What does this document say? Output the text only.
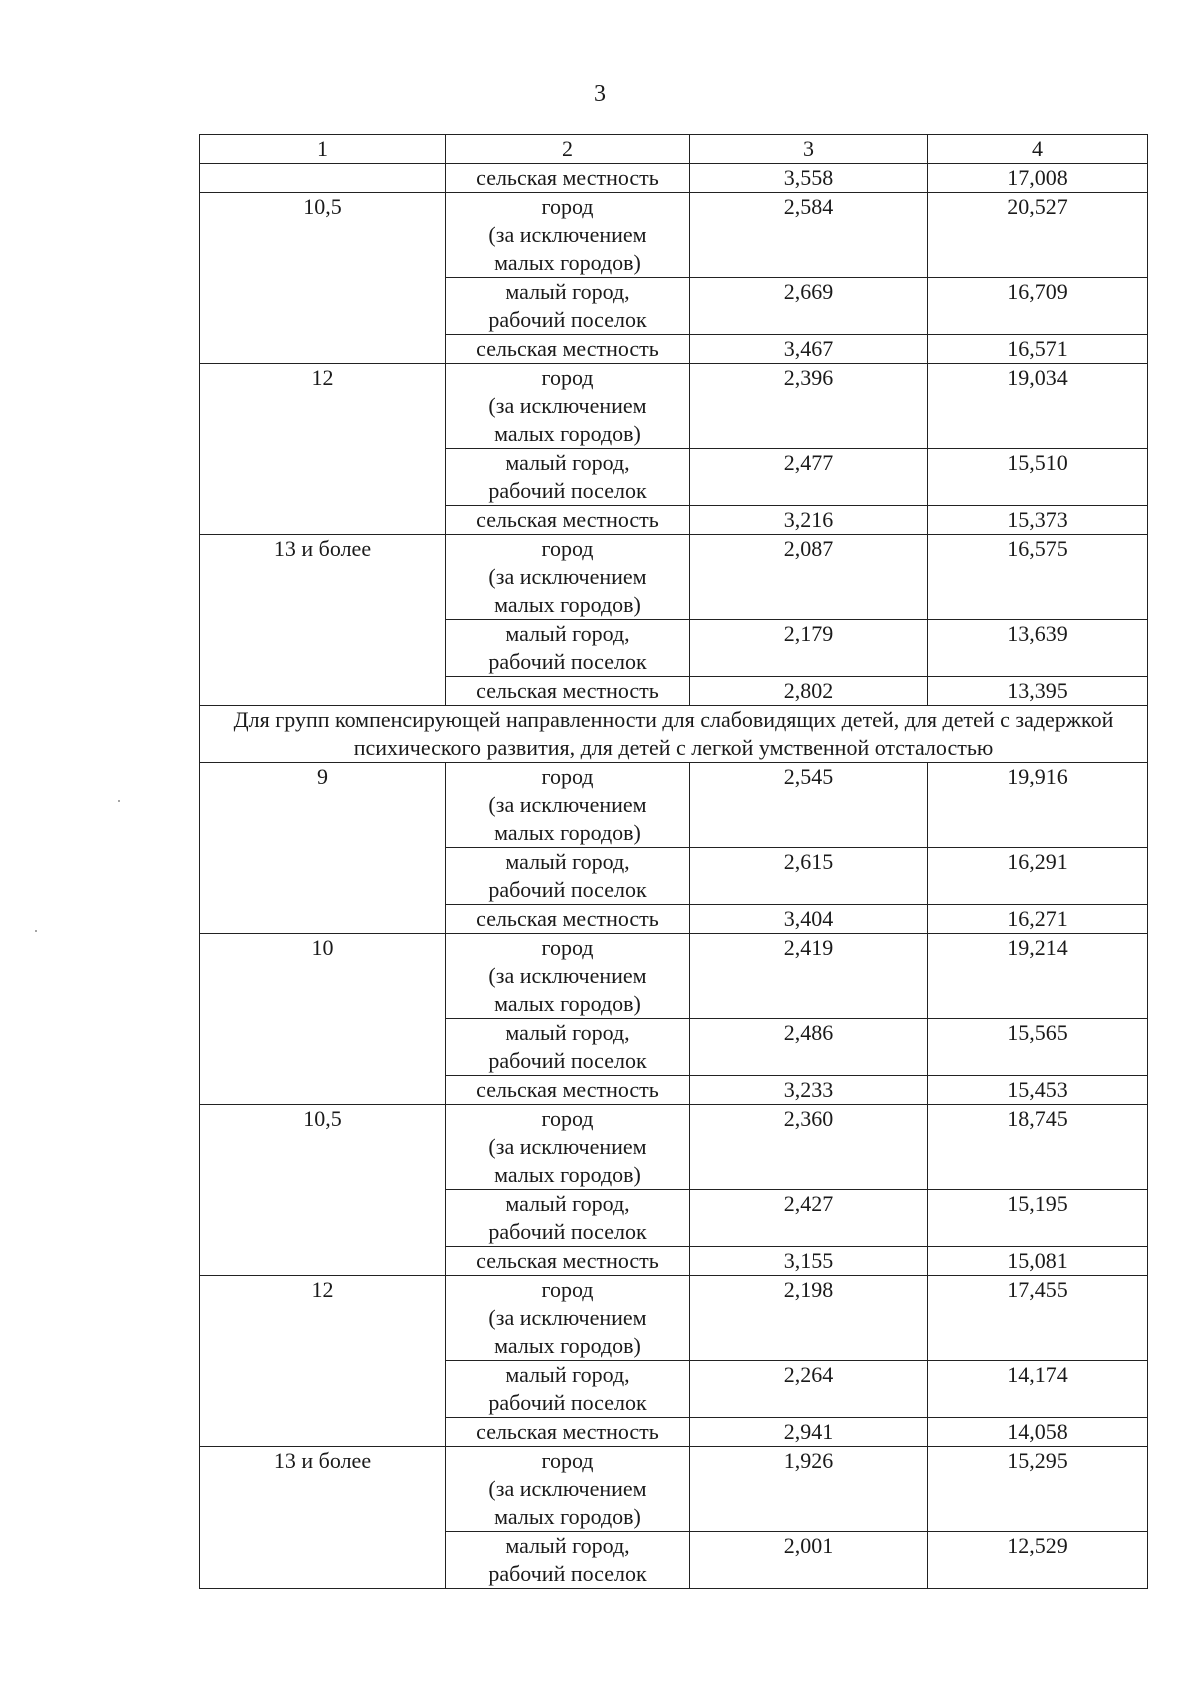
3
1	2	3	4
	сельская местность	3,558	17,008
10,5	город
(за исключением
малых городов)	2,584	20,527

	малый город,
рабочий поселок	2,669	16,709

	сельская местность	3,467	16,571
12	город
(за исключением
малых городов)	2,396	19,034

	малый город,
рабочий поселок	2,477	15,510

	сельская местность	3,216	15,373
13 и более	город
(за исключением
малых городов)	2,087	16,575

	малый город,
рабочий поселок	2,179	13,639

	сельская местность	2,802	13,395
Для групп компенсирующей направленности для слабовидящих детей, для детей с задержкой психического развития, для детей с легкой умственной отсталостью			
9	город
(за исключением
малых городов)	2,545	19,916

	малый город,
рабочий поселок	2,615	16,291

	сельская местность	3,404	16,271
10	город
(за исключением
малых городов)	2,419	19,214

	малый город,
рабочий поселок	2,486	15,565

	сельская местность	3,233	15,453
10,5	город
(за исключением
малых городов)	2,360	18,745

	малый город,
рабочий поселок	2,427	15,195

	сельская местность	3,155	15,081
12	город
(за исключением
малых городов)	2,198	17,455

	малый город,
рабочий поселок	2,264	14,174

	сельская местность	2,941	14,058
13 и более	город
(за исключением
малых городов)	1,926	15,295

	малый город,
рабочий поселок	2,001	12,529
